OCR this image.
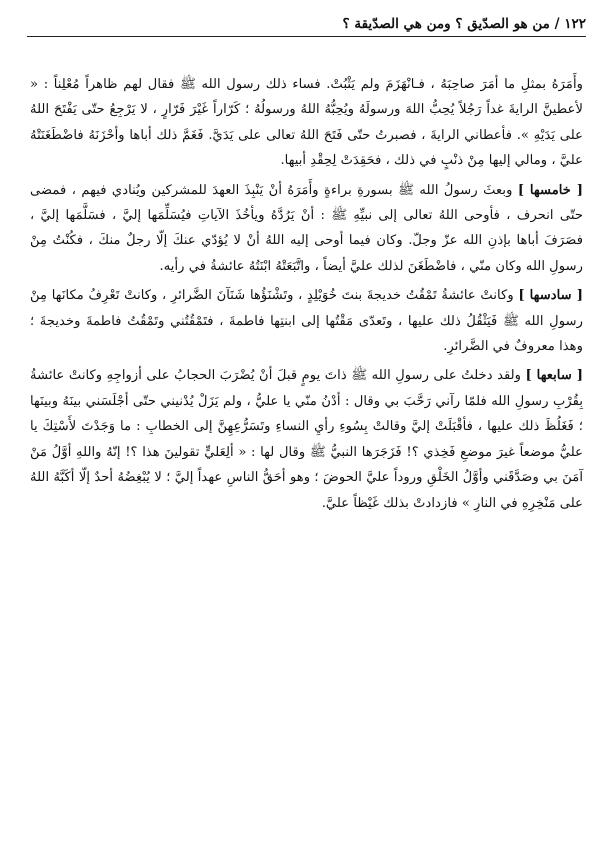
١٢٢ / من هو الصدّيق ؟ ومن هي الصدّيقة ؟

وأَمَرَهُ بمثلِ ما أمَرَ صاحِبَهُ ، فـانْهَزَمَ ولم يَثْبُتْ. فساء ذلك رسول الله ﷺ فقال لهم ظاهراً مُعْلِناً : « لأعطينَّ الرايةَ غداً رَجُلاً يُحِبُّ اللهَ ورسولَهُ ويُحِبُّهُ اللهُ ورسولُهُ ؛ كَرّاراً غَيْرَ فَرّارٍ ، لا يَرْجِعُ حتّى يَفْتَحَ اللهُ على يَدَيْهِ ». فأعطاني الرايةَ ، فصبرتُ حتّى فَتَحَ اللهُ تعالى على يَدَيَّ. فَغَمَّ ذلك أباها وأحْزَنَهُ فاضْطَغَنَتْهُ عليَّ ، ومالي إليها مِنْ ذنْبٍ في ذلك ، فحَقِدَتْ لِحِقْدِ أبيها.

[ خامسها ] وبعثَ رسولُ الله ﷺ بسورةِ براءةٍ وأَمَرَهُ أنْ يَنْبِذَ العهدَ للمشركين ويُنادي فيهم ، فمضى حتّى انحرف ، فأوحى اللهُ تعالى إلى نبيِّهِ ﷺ : أنْ يَرُدَّهُ ويأخُذَ الآياتِ فيُسَلِّمَها إليَّ ، فسَلَّمَها إليَّ ، فصَرَفَ أباها بإذنِ الله عزّ وجلّ. وكان فيما أوحى إليه اللهُ أنْ لا يُؤدّي عنكَ إلّا رجلٌ منكَ ، فكُنْتُ مِنْ رسولِ الله وكان منّي ، فاضْطَغَنَ لذلك عليَّ أيضاً ، واتَّبَعَتْهُ ابْنَتُهُ عائشةُ في رأيه.

[ سادسها ] وكانتْ عائشةُ تَمْقُتُ خديجةَ بنتَ خُوَيْلِدٍ ، وتَشْنَؤُها شَنَآنَ الضَّرائرِ ، وكانتْ تَعْرِفُ مكانَها مِنْ رسولِ الله ﷺ فَيَثْقُلُ ذلك عليها ، وتَعدّى مَقْتُها إلى ابنتِها فاطمةَ ، فتَمْقُتُني وتَمْقُتُ فاطمةَ وخديجةَ ؛ وهذا معروفٌ في الضَّرائرِ.

[ سابعها ] ولقد دخلتُ على رسولِ الله ﷺ ذاتَ يومٍ قبلَ أنْ يُضْرَبَ الحجابُ على أزواجِهِ وكانتْ عائشةُ بِقُرْبِ رسولِ الله فلمّا رآني رَحَّبَ بي وقال : أدْنُ منّي يا عليُّ ، ولم يَزَلْ يُدْنيني حتّى أجْلَسَني بينَهُ وبينَها ؛ فَغَلُظَ ذلك عليها ، فأقْبَلَتْ إليَّ وقالتْ بِسُوءِ رأيِ النساءِ وتَسَرُّعِهِنَّ إلى الخطابِ : ما وَجَدْتَ لأَسْتِكَ يا عليُّ موضعاً غيرَ موضعِ فَخِذي ؟! فَزَجَرَها النبيُّ ﷺ وقال لها : « ألِعَليٍّ تقولينَ هذا ؟! إنّهُ واللهِ أوَّلُ مَنْ آمَنَ بي وصَدَّقَني وأوَّلُ الخَلْقِ وروداً عليَّ الحوضَ ؛ وهو أحَقُّ الناسِ عهداً إليَّ ؛ لا يُبْغِضُهُ أحدٌ إلّا أكَبَّهُ اللهُ على مَنْخِرِهِ في النارِ » فازدادتْ بذلك غَيْظاً عليَّ.
